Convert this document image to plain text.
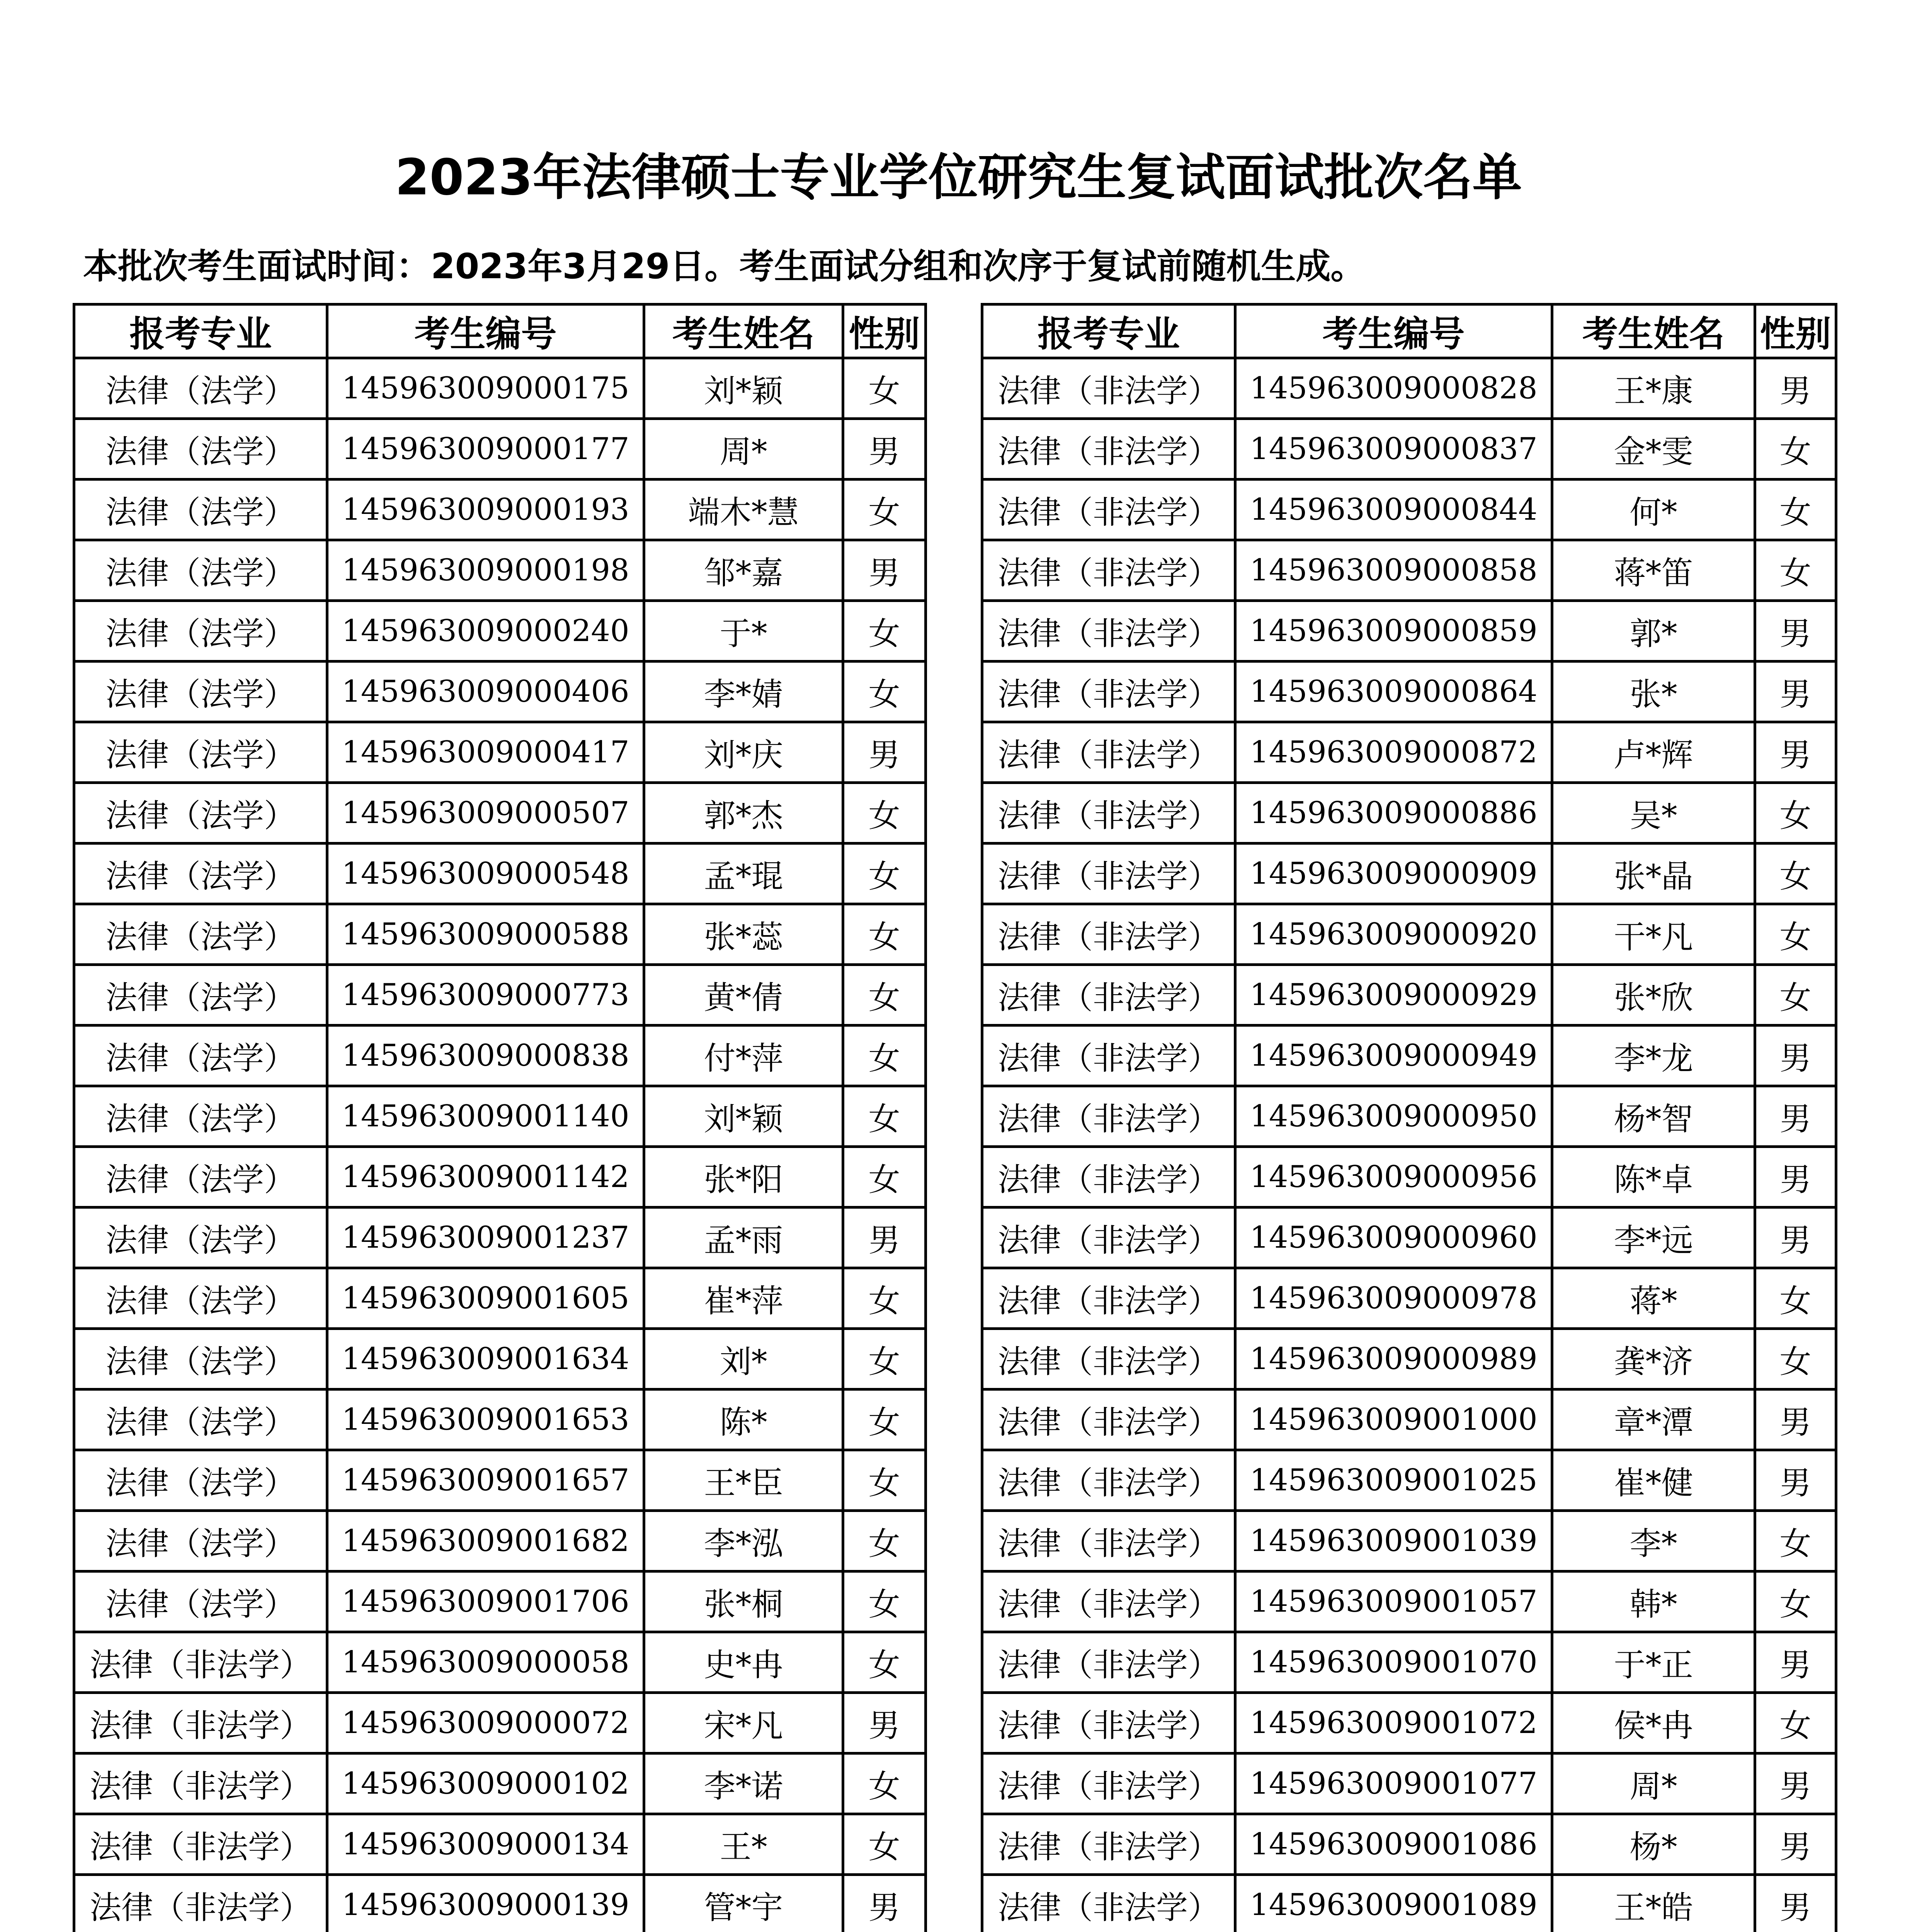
2023年法律硕士专业学位研究生复试面试批次名单
本批次考生面试时间：2023年3月29日。考生面试分组和次序于复试前随机生成。
报考专业	考生编号	考生姓名	性别
法律（法学）	145963009000175	刘*颖	女
法律（法学）	145963009000177	周*	男
法律（法学）	145963009000193	端木*慧	女
法律（法学）	145963009000198	邹*嘉	男
法律（法学）	145963009000240	于*	女
法律（法学）	145963009000406	李*婧	女
法律（法学）	145963009000417	刘*庆	男
法律（法学）	145963009000507	郭*杰	女
法律（法学）	145963009000548	孟*琨	女
法律（法学）	145963009000588	张*蕊	女
法律（法学）	145963009000773	黄*倩	女
法律（法学）	145963009000838	付*萍	女
法律（法学）	145963009001140	刘*颖	女
法律（法学）	145963009001142	张*阳	女
法律（法学）	145963009001237	孟*雨	男
法律（法学）	145963009001605	崔*萍	女
法律（法学）	145963009001634	刘*	女
法律（法学）	145963009001653	陈*	女
法律（法学）	145963009001657	王*臣	女
法律（法学）	145963009001682	李*泓	女
法律（法学）	145963009001706	张*桐	女
法律（非法学）	145963009000058	史*冉	女
法律（非法学）	145963009000072	宋*凡	男
法律（非法学）	145963009000102	李*诺	女
法律（非法学）	145963009000134	王*	女
法律（非法学）	145963009000139	管*宇	男

报考专业	考生编号	考生姓名	性别
法律（非法学）	145963009000828	王*康	男
法律（非法学）	145963009000837	金*雯	女
法律（非法学）	145963009000844	何*	女
法律（非法学）	145963009000858	蒋*笛	女
法律（非法学）	145963009000859	郭*	男
法律（非法学）	145963009000864	张*	男
法律（非法学）	145963009000872	卢*辉	男
法律（非法学）	145963009000886	吴*	女
法律（非法学）	145963009000909	张*晶	女
法律（非法学）	145963009000920	干*凡	女
法律（非法学）	145963009000929	张*欣	女
法律（非法学）	145963009000949	李*龙	男
法律（非法学）	145963009000950	杨*智	男
法律（非法学）	145963009000956	陈*卓	男
法律（非法学）	145963009000960	李*远	男
法律（非法学）	145963009000978	蒋*	女
法律（非法学）	145963009000989	龚*济	女
法律（非法学）	145963009001000	章*潭	男
法律（非法学）	145963009001025	崔*健	男
法律（非法学）	145963009001039	李*	女
法律（非法学）	145963009001057	韩*	女
法律（非法学）	145963009001070	于*正	男
法律（非法学）	145963009001072	侯*冉	女
法律（非法学）	145963009001077	周*	男
法律（非法学）	145963009001086	杨*	男
法律（非法学）	145963009001089	王*皓	男
